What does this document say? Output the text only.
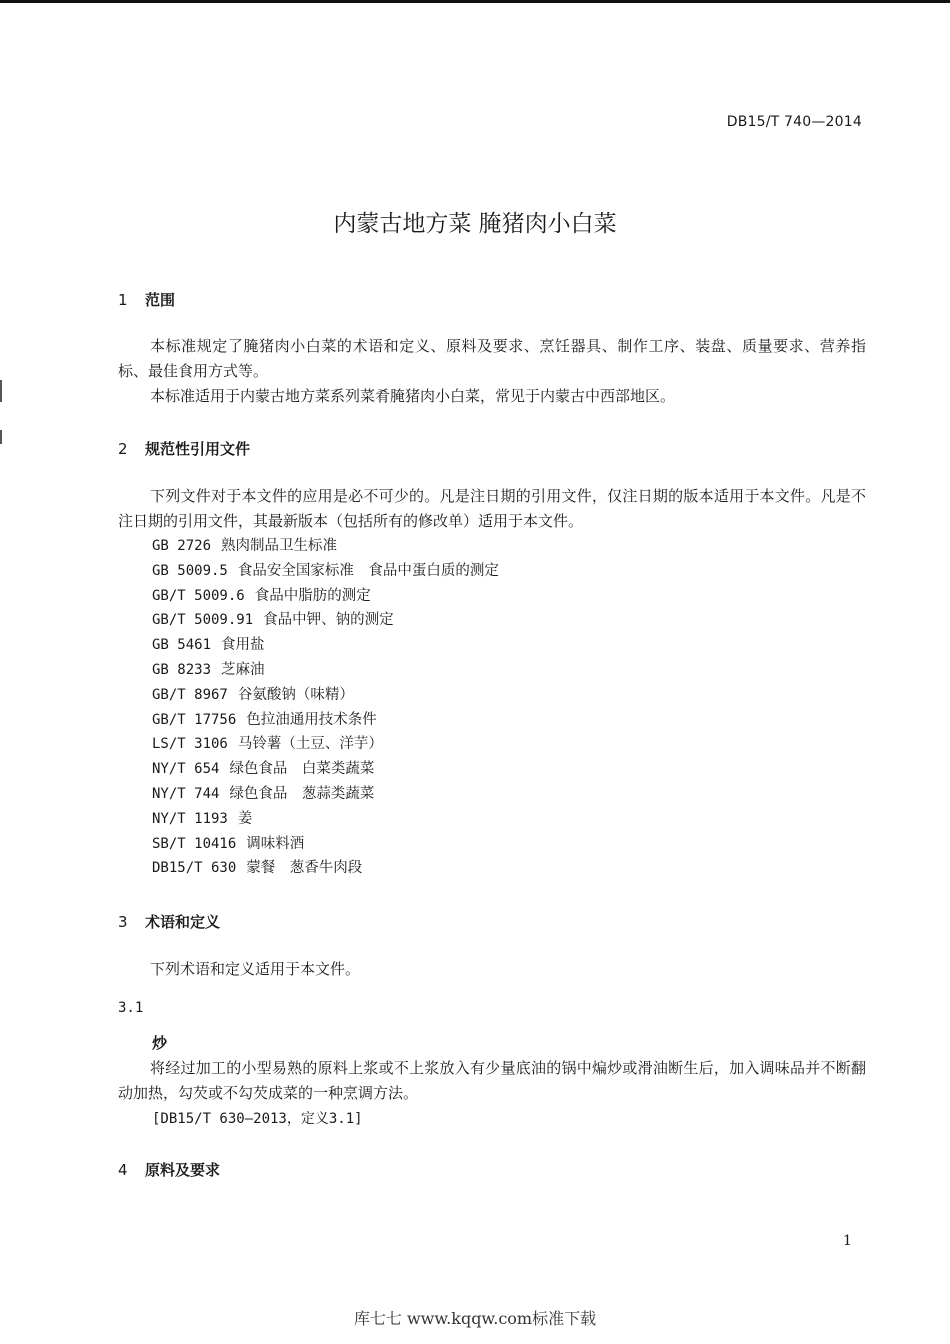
DB15/T 740—2014
内蒙古地方菜 腌猪肉小白菜
1 范围
本标准规定了腌猪肉小白菜的术语和定义、原料及要求、烹饪器具、制作工序、装盘、质量要求、营养指标、最佳食用方式等。
本标准适用于内蒙古地方菜系列菜肴腌猪肉小白菜，常见于内蒙古中西部地区。
2 规范性引用文件
下列文件对于本文件的应用是必不可少的。凡是注日期的引用文件，仅注日期的版本适用于本文件。凡是不注日期的引用文件，其最新版本（包括所有的修改单）适用于本文件。
GB 2726 熟肉制品卫生标准
GB 5009.5 食品安全国家标准　食品中蛋白质的测定
GB/T 5009.6 食品中脂肪的测定
GB/T 5009.91 食品中钾、钠的测定
GB 5461 食用盐
GB 8233 芝麻油
GB/T 8967 谷氨酸钠（味精）
GB/T 17756 色拉油通用技术条件
LS/T 3106 马铃薯（土豆、洋芋）
NY/T 654 绿色食品　白菜类蔬菜
NY/T 744 绿色食品　葱蒜类蔬菜
NY/T 1193 姜
SB/T 10416 调味料酒
DB15/T 630 蒙餐　葱香牛肉段
3 术语和定义
下列术语和定义适用于本文件。
3.1
炒
将经过加工的小型易熟的原料上浆或不上浆放入有少量底油的锅中煸炒或滑油断生后，加入调味品并不断翻动加热，勾芡或不勾芡成菜的一种烹调方法。
[DB15/T 630—2013，定义3.1]
4 原料及要求
1
库七七 www.kqqw.com标准下载
